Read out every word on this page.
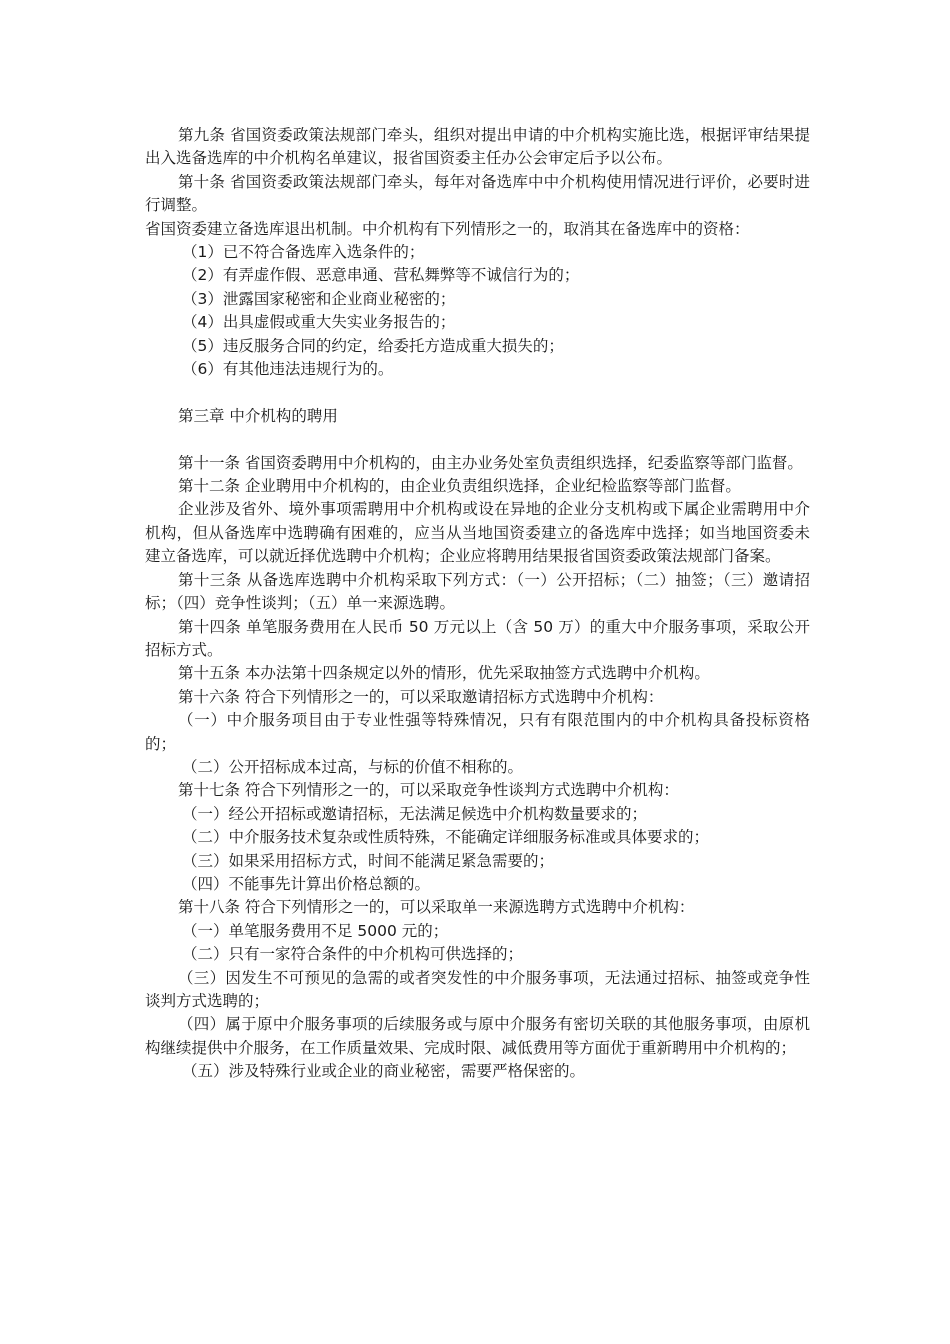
第九条 省国资委政策法规部门牵头，组织对提出申请的中介机构实施比选，根据评审结果提出入选备选库的中介机构名单建议，报省国资委主任办公会审定后予以公布。

第十条 省国资委政策法规部门牵头，每年对备选库中中介机构使用情况进行评价，必要时进行调整。

省国资委建立备选库退出机制。中介机构有下列情形之一的，取消其在备选库中的资格：

（1）已不符合备选库入选条件的；

（2）有弄虚作假、恶意串通、营私舞弊等不诚信行为的；

（3）泄露国家秘密和企业商业秘密的；

（4）出具虚假或重大失实业务报告的；

（5）违反服务合同的约定，给委托方造成重大损失的；

（6）有其他违法违规行为的。

第三章 中介机构的聘用

第十一条 省国资委聘用中介机构的，由主办业务处室负责组织选择，纪委监察等部门监督。

第十二条 企业聘用中介机构的，由企业负责组织选择，企业纪检监察等部门监督。

企业涉及省外、境外事项需聘用中介机构或设在异地的企业分支机构或下属企业需聘用中介机构，但从备选库中选聘确有困难的，应当从当地国资委建立的备选库中选择；如当地国资委未建立备选库，可以就近择优选聘中介机构；企业应将聘用结果报省国资委政策法规部门备案。

第十三条 从备选库选聘中介机构采取下列方式：（一）公开招标；（二）抽签；（三）邀请招标；（四）竞争性谈判；（五）单一来源选聘。

第十四条 单笔服务费用在人民币 50 万元以上（含 50 万）的重大中介服务事项，采取公开招标方式。

第十五条 本办法第十四条规定以外的情形，优先采取抽签方式选聘中介机构。

第十六条 符合下列情形之一的，可以采取邀请招标方式选聘中介机构：

（一）中介服务项目由于专业性强等特殊情况，只有有限范围内的中介机构具备投标资格的；

（二）公开招标成本过高，与标的价值不相称的。

第十七条 符合下列情形之一的，可以采取竞争性谈判方式选聘中介机构：

（一）经公开招标或邀请招标，无法满足候选中介机构数量要求的；

（二）中介服务技术复杂或性质特殊，不能确定详细服务标准或具体要求的；

（三）如果采用招标方式，时间不能满足紧急需要的；

（四）不能事先计算出价格总额的。

第十八条 符合下列情形之一的，可以采取单一来源选聘方式选聘中介机构：

（一）单笔服务费用不足 5000 元的；

（二）只有一家符合条件的中介机构可供选择的；

（三）因发生不可预见的急需的或者突发性的中介服务事项，无法通过招标、抽签或竞争性谈判方式选聘的；

（四）属于原中介服务事项的后续服务或与原中介服务有密切关联的其他服务事项，由原机构继续提供中介服务，在工作质量效果、完成时限、减低费用等方面优于重新聘用中介机构的；

（五）涉及特殊行业或企业的商业秘密，需要严格保密的。
